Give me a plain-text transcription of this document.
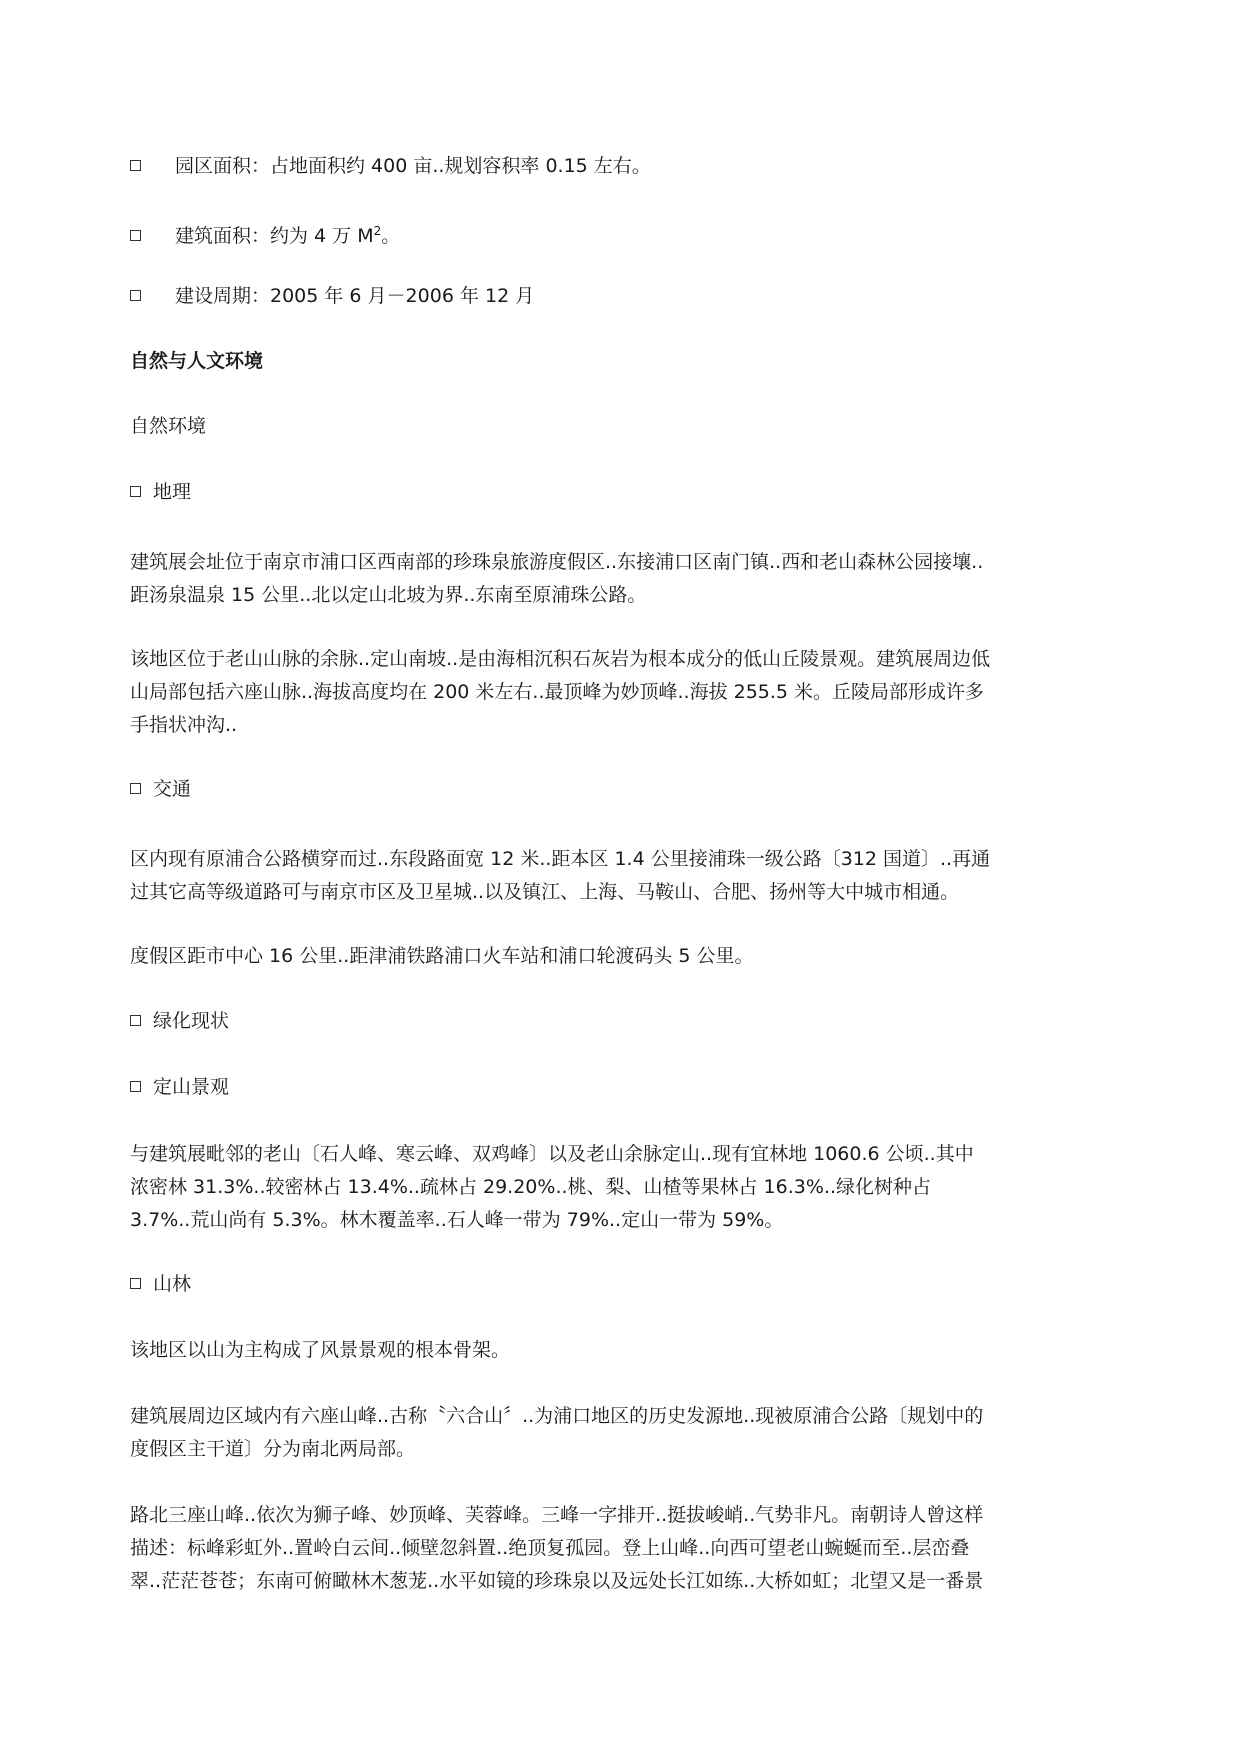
园区面积：占地面积约 400 亩..规划容积率 0.15 左右。
建筑面积：约为 4 万 $M^2$。
建设周期：2005 年 6 月－2006 年 12 月
自然与人文环境
自然环境
地理
建筑展会址位于南京市浦口区西南部的珍珠泉旅游度假区..东接浦口区南门镇..西和老山森林公园接壤..
距汤泉温泉 15 公里..北以定山北坡为界..东南至原浦珠公路。
该地区位于老山山脉的余脉..定山南坡..是由海相沉积石灰岩为根本成分的低山丘陵景观。建筑展周边低
山局部包括六座山脉..海拔高度均在 200 米左右..最顶峰为妙顶峰..海拔 255.5 米。丘陵局部形成许多
手指状冲沟..
交通
区内现有原浦合公路横穿而过..东段路面宽 12 米..距本区 1.4 公里接浦珠一级公路〔312 国道〕..再通
过其它高等级道路可与南京市区及卫星城..以及镇江、上海、马鞍山、合肥、扬州等大中城市相通。
度假区距市中心 16 公里..距津浦铁路浦口火车站和浦口轮渡码头 5 公里。
绿化现状
定山景观
与建筑展毗邻的老山〔石人峰、寒云峰、双鸡峰〕以及老山余脉定山..现有宜林地 1060.6 公顷..其中
浓密林 31.3%..较密林占 13.4%..疏林占 29.20%..桃、梨、山楂等果林占 16.3%..绿化树种占
3.7%..荒山尚有 5.3%。林木覆盖率..石人峰一带为 79%..定山一带为 59%。
山林
该地区以山为主构成了风景景观的根本骨架。
建筑展周边区域内有六座山峰..古称〝六合山〞..为浦口地区的历史发源地..现被原浦合公路〔规划中的
度假区主干道〕分为南北两局部。
路北三座山峰..依次为狮子峰、妙顶峰、芙蓉峰。三峰一字排开..挺拔峻峭..气势非凡。南朝诗人曾这样
描述：标峰彩虹外..置岭白云间..倾壁忽斜置..绝顶复孤园。登上山峰..向西可望老山蜿蜒而至..层峦叠
翠..茫茫苍苍；东南可俯瞰林木葱茏..水平如镜的珍珠泉以及远处长江如练..大桥如虹；北望又是一番景
